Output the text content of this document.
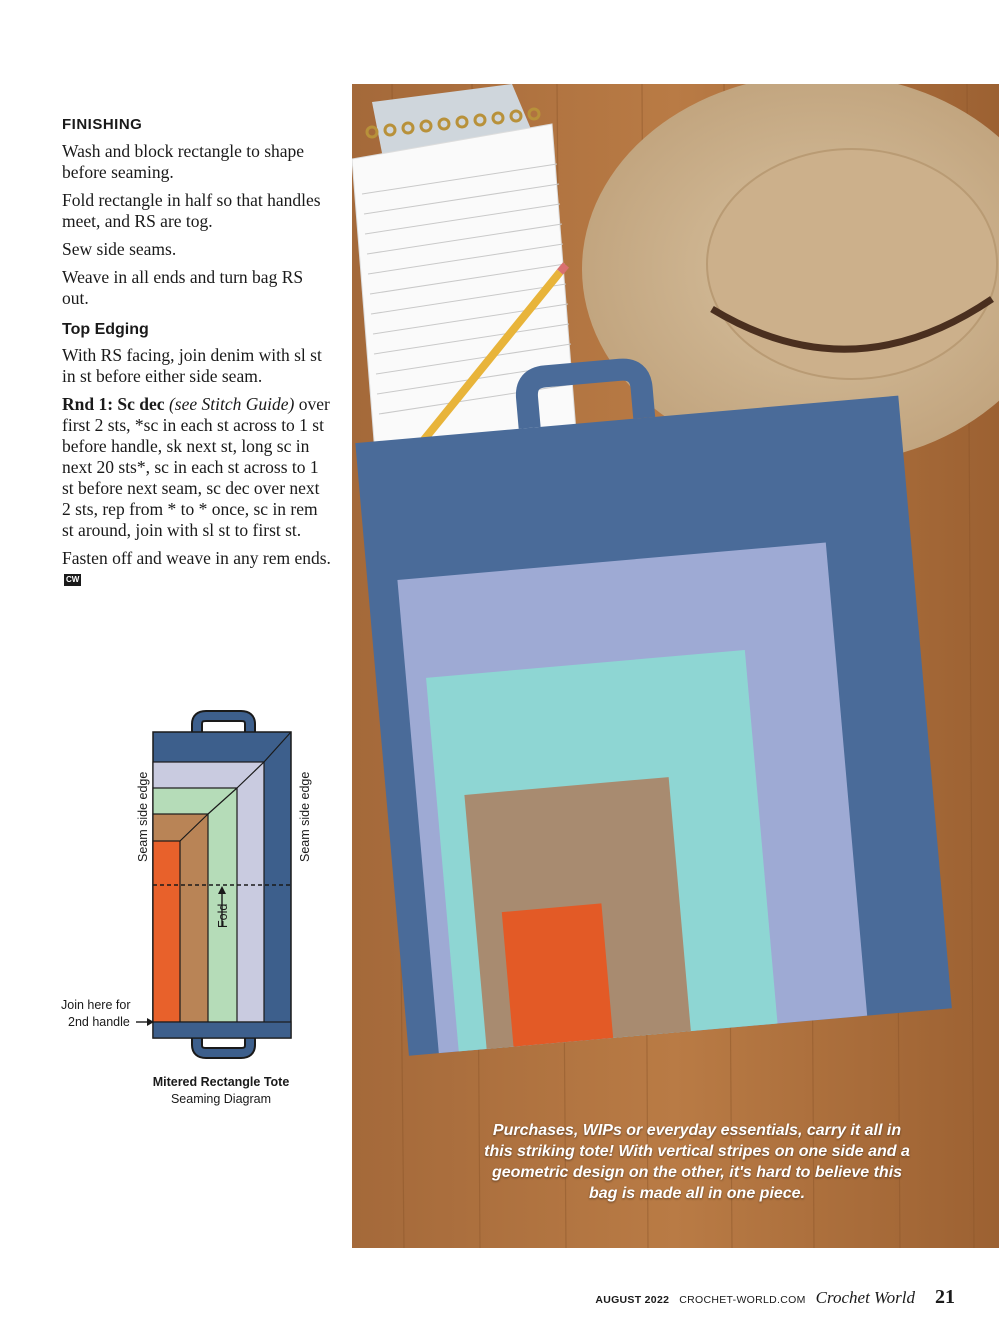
FINISHING

Wash and block rectangle to shape before seaming.

Fold rectangle in half so that handles meet, and RS are tog.

Sew side seams.

Weave in all ends and turn bag RS out.

Top Edging

With RS facing, join denim with sl st in st before either side seam.

Rnd 1: Sc dec (see Stitch Guide) over first 2 sts, *sc in each st across to 1 st before handle, sk next st, long sc in next 20 sts*, sc in each st across to 1 st before next seam, sc dec over next 2 sts, rep from * to * once, sc in rem st around, join with sl st to first st.

Fasten off and weave in any rem ends. CW

Seam side edge	Seam side edge
Fold
Join here for
2nd handle
Mitered Rectangle Tote
Seaming Diagram
Purchases, WIPs or everyday essentials, carry it all in this striking tote! With vertical stripes on one side and a geometric design on the other, it's hard to believe this bag is made all in one piece.
AUGUST 2022 CROCHET-WORLD.COM Crochet World 21
